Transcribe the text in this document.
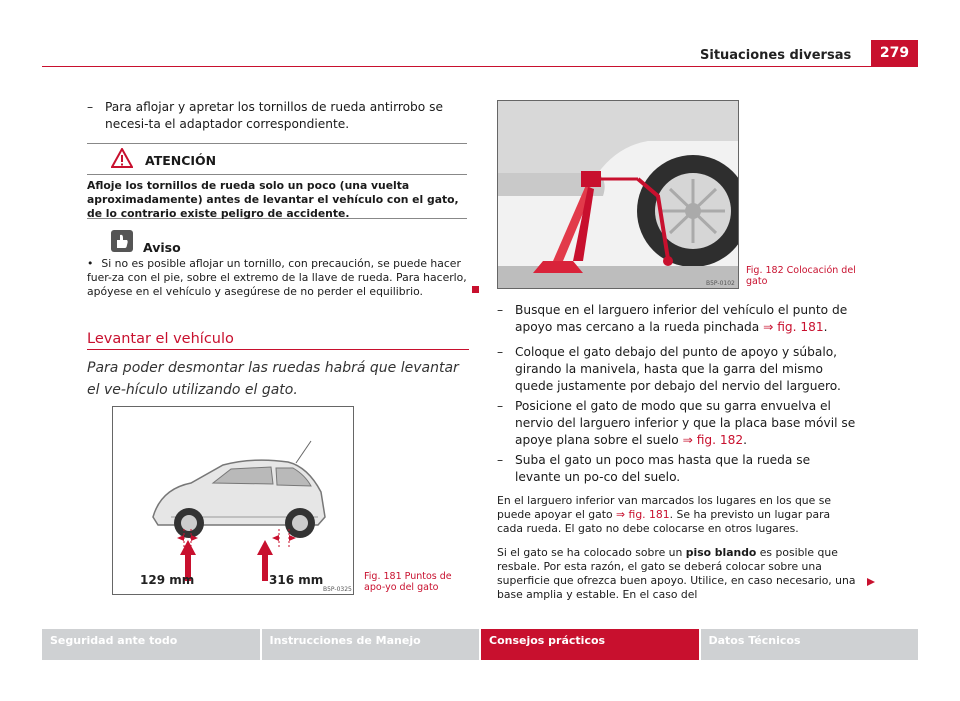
Situaciones diversas	279
– Para aflojar y apretar los tornillos de rueda antirrobo se necesi-ta el adaptador correspondiente.
ATENCIÓN
Afloje los tornillos de rueda solo un poco (una vuelta aproximadamente) antes de levantar el vehículo con el gato, de lo contrario existe peligro de accidente.
Aviso
• Si no es posible aflojar un tornillo, con precaución, se puede hacer fuer-za con el pie, sobre el extremo de la llave de rueda. Para hacerlo, apóyese en el vehículo y asegúrese de no perder el equilibrio.
Levantar el vehículo
Para poder desmontar las ruedas habrá que levantar el ve-hículo utilizando el gato.
129 mm	316 mm
B5P-0325
Fig. 181 Puntos de apo-yo del gato
B5P-0102
Fig. 182 Colocación del gato
– Busque en el larguero inferior del vehículo el punto de apoyo mas cercano a la rueda pinchada ⇒ fig. 181.
– Coloque el gato debajo del punto de apoyo y súbalo, girando la manivela, hasta que la garra del mismo quede justamente por debajo del nervio del larguero.
– Posicione el gato de modo que su garra envuelva el nervio del larguero inferior y que la placa base móvil se apoye plana sobre el suelo ⇒ fig. 182.
– Suba el gato un poco mas hasta que la rueda se levante un po-co del suelo.
En el larguero inferior van marcados los lugares en los que se puede apoyar el gato ⇒ fig. 181. Se ha previsto un lugar para cada rueda. El gato no debe colocarse en otros lugares.
Si el gato se ha colocado sobre un piso blando es posible que resbale. Por esta razón, el gato se deberá colocar sobre una superficie que ofrezca buen apoyo. Utilice, en caso necesario, una base amplia y estable. En el caso del
Seguridad ante todo	Instrucciones de Manejo	Consejos prácticos	Datos Técnicos
